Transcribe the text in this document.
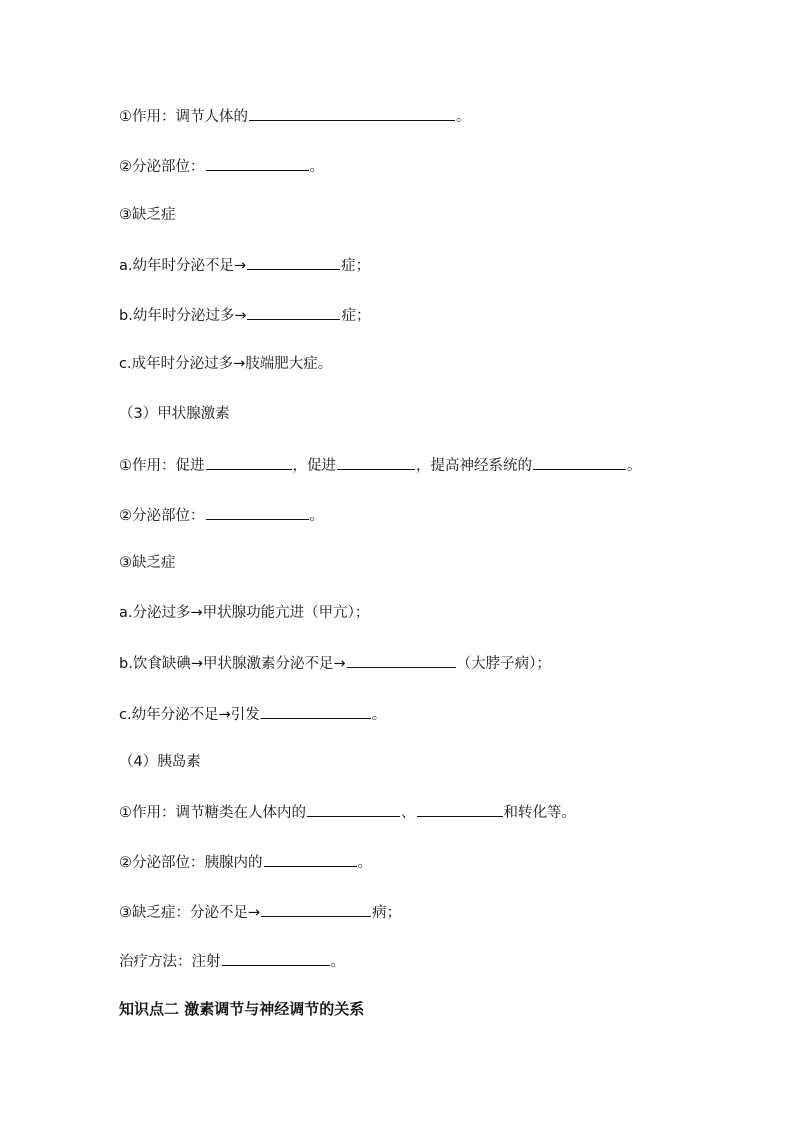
①作用：调节人体的	。
②分泌部位：	。
③缺乏症
a.幼年时分泌不足→	症；
b.幼年时分泌过多→	症；
c.成年时分泌过多→肢端肥大症。
（3）甲状腺激素
①作用：促进	，促进	，提高神经系统的	。
②分泌部位：	。
③缺乏症
a.分泌过多→甲状腺功能亢进（甲亢）；
b.饮食缺碘→甲状腺激素分泌不足→	（大脖子病）；
c.幼年分泌不足→引发	。
（4）胰岛素
①作用：调节糖类在人体内的	、	和转化等。
②分泌部位：胰腺内的	。
③缺乏症：分泌不足→	病；
治疗方法：注射	。
知识点二 激素调节与神经调节的关系
